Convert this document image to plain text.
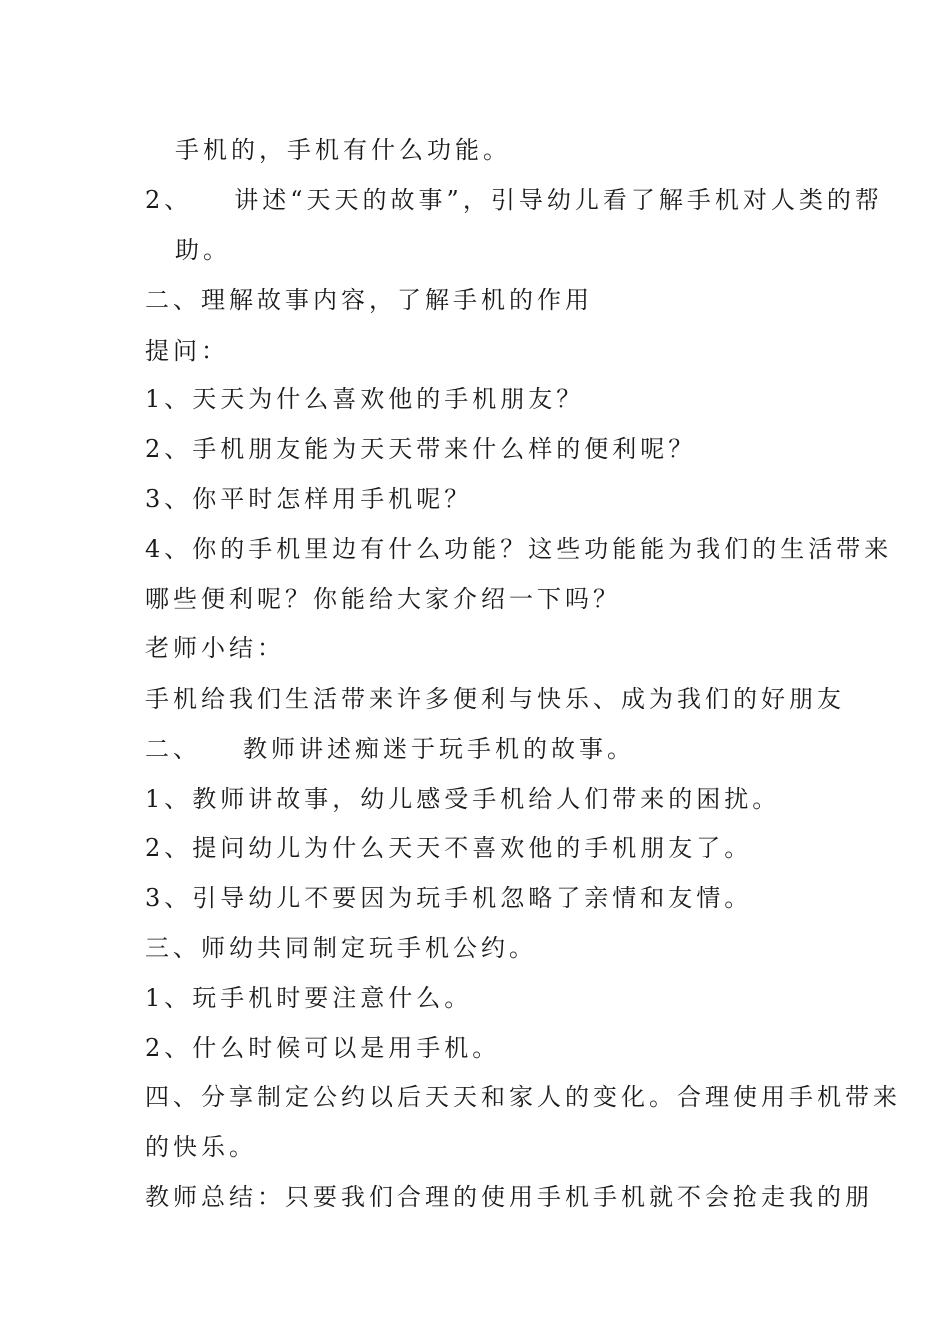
手机的，手机有什么功能。
2、 讲述“天天的故事”，引导幼儿看了解手机对人类的帮
助。
二、理解故事内容，了解手机的作用
提问：
1、天天为什么喜欢他的手机朋友？
2、手机朋友能为天天带来什么样的便利呢？
3、你平时怎样用手机呢？
4、你的手机里边有什么功能？这些功能能为我们的生活带来
哪些便利呢？你能给大家介绍一下吗？
老师小结：
手机给我们生活带来许多便利与快乐、成为我们的好朋友
二、 教师讲述痴迷于玩手机的故事。
1、教师讲故事，幼儿感受手机给人们带来的困扰。
2、提问幼儿为什么天天不喜欢他的手机朋友了。
3、引导幼儿不要因为玩手机忽略了亲情和友情。
三、师幼共同制定玩手机公约。
1、玩手机时要注意什么。
2、什么时候可以是用手机。
四、分享制定公约以后天天和家人的变化。合理使用手机带来
的快乐。
教师总结：只要我们合理的使用手机手机就不会抢走我的朋
